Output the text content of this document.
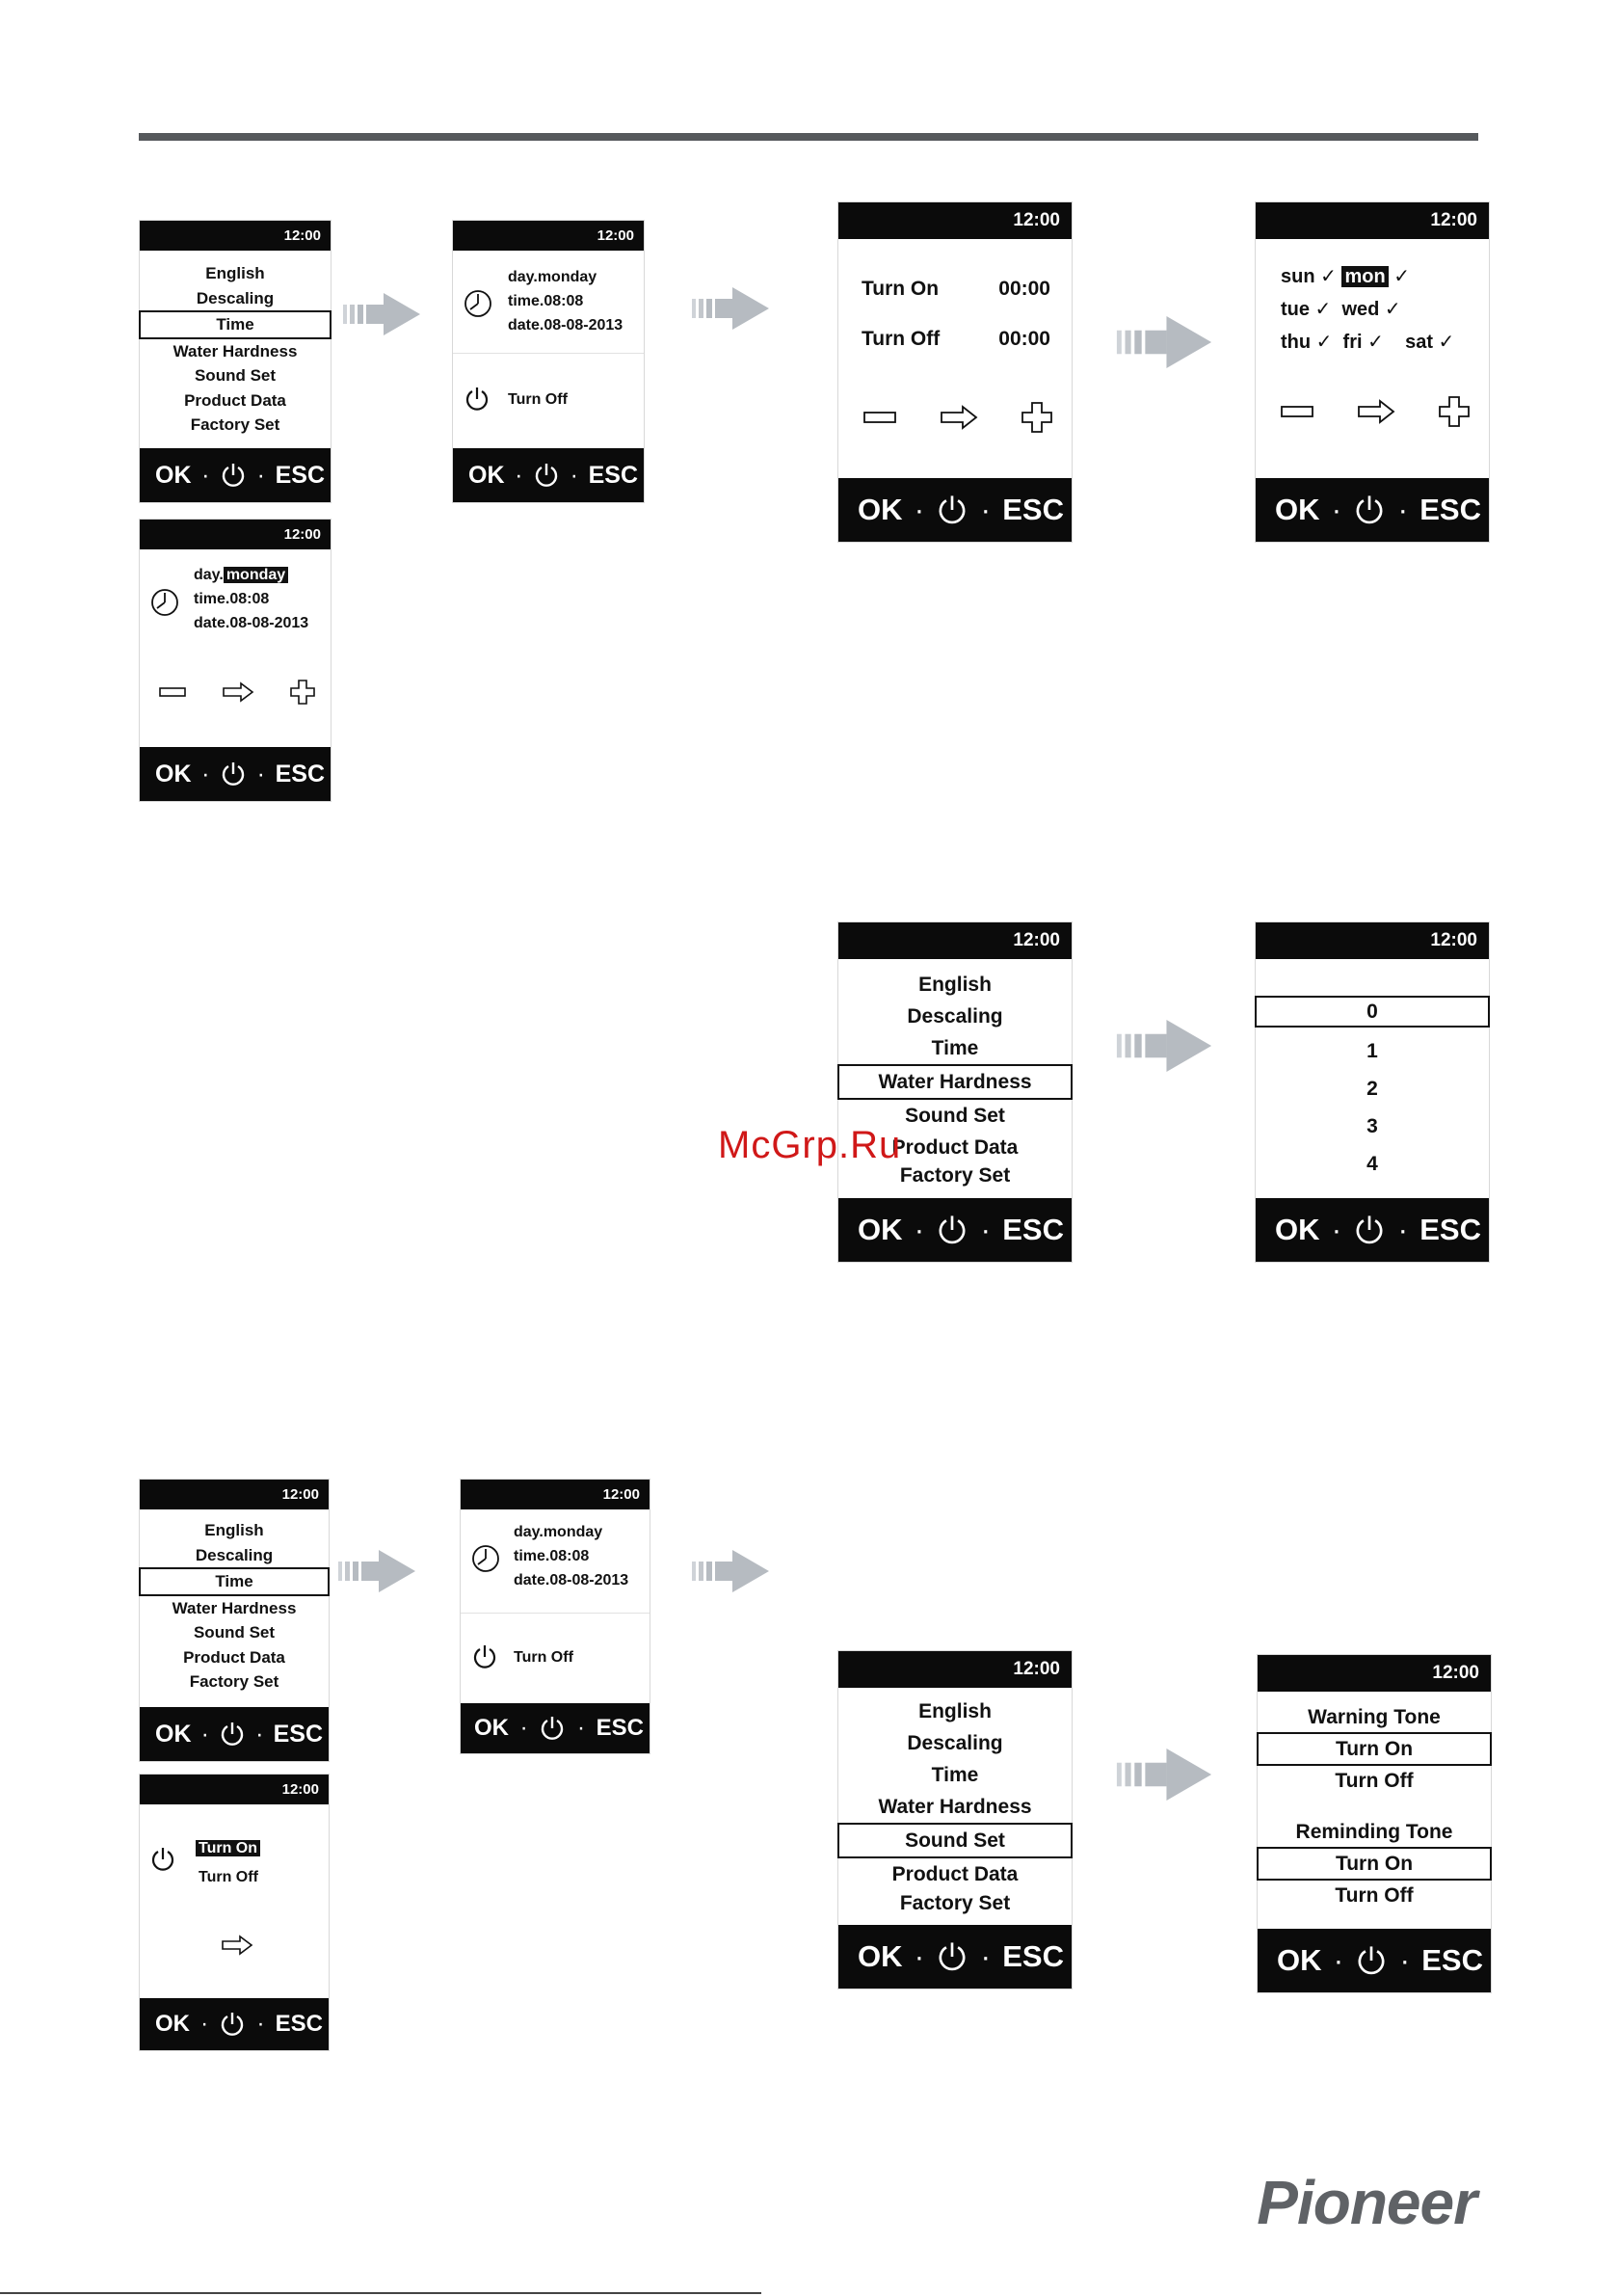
12:00
English
Descaling
Time
Water Hardness
Sound Set
Product Data
Factory Set
OK · · ESC
12:00
day.monday
time.08:08
date.08-08-2013
Turn Off
OK · · ESC
12:00
day. monday
time.08:08
date.08-08-2013
OK · · ESC
12:00
Turn On	00:00
Turn Off	00:00
OK · · ESC
12:00
sun ✓ mon ✓
tue ✓  wed ✓
thu ✓  fri ✓    sat ✓
OK · · ESC
12:00
English
Descaling
Time
Water Hardness
Sound Set
Product Data
Factory Set
OK · · ESC
12:00
0
1
2
3
4
OK · · ESC
McGrp.Ru
12:00
English
Descaling
Time
Water Hardness
Sound Set
Product Data
Factory Set
OK · · ESC
12:00
day.monday
time.08:08
date.08-08-2013
Turn Off
OK · · ESC
12:00
Turn On
Turn Off
OK · · ESC
12:00
English
Descaling
Time
Water Hardness
Sound Set
Product Data
Factory Set
OK · · ESC
12:00
Warning Tone
Turn On
Turn Off
Reminding Tone
Turn On
Turn Off
OK · · ESC
Pioneer
